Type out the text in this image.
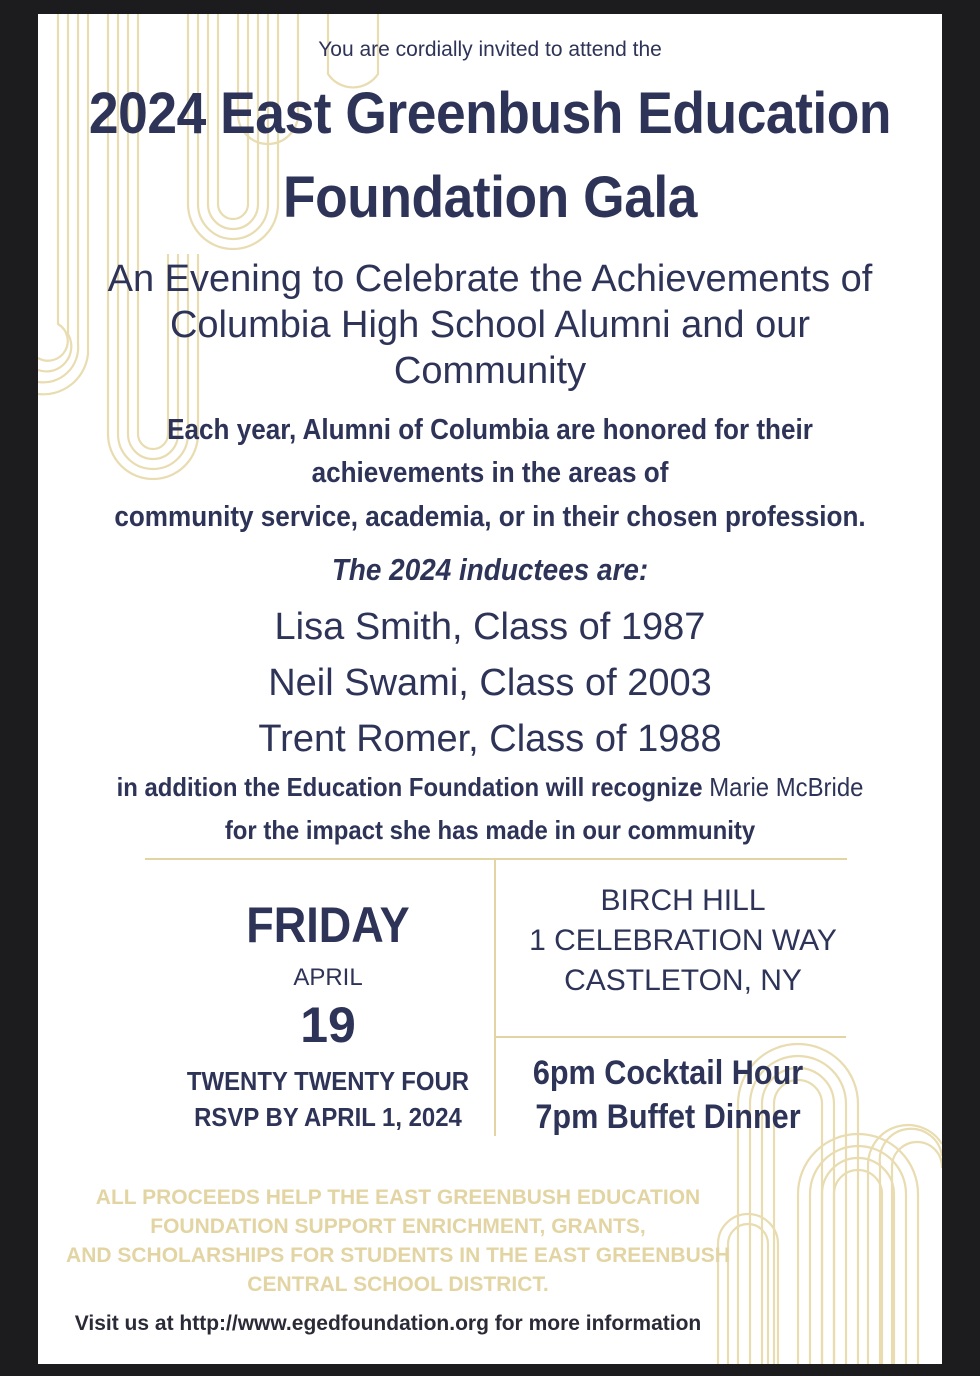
You are cordially invited to attend the
2024 East Greenbush Education
Foundation Gala
An Evening to Celebrate the Achievements of
Columbia High School Alumni and our
Community
Each year, Alumni of Columbia are honored for their
achievements in the areas of
community service, academia, or in their chosen profession.
The 2024 inductees are:
Lisa Smith, Class of 1987
Neil Swami, Class of 2003
Trent Romer, Class of 1988
in addition the Education Foundation will recognize Marie McBride
for the impact she has made in our community
FRIDAY
APRIL
19
TWENTY TWENTY FOUR
RSVP BY APRIL 1, 2024
BIRCH HILL
1 CELEBRATION WAY
CASTLETON, NY
6pm Cocktail Hour
7pm Buffet Dinner
ALL PROCEEDS HELP THE EAST GREENBUSH EDUCATION
FOUNDATION SUPPORT ENRICHMENT, GRANTS,
AND SCHOLARSHIPS FOR STUDENTS IN THE EAST GREENBUSH
CENTRAL SCHOOL DISTRICT.
Visit us at http://www.egedfoundation.org for more information
